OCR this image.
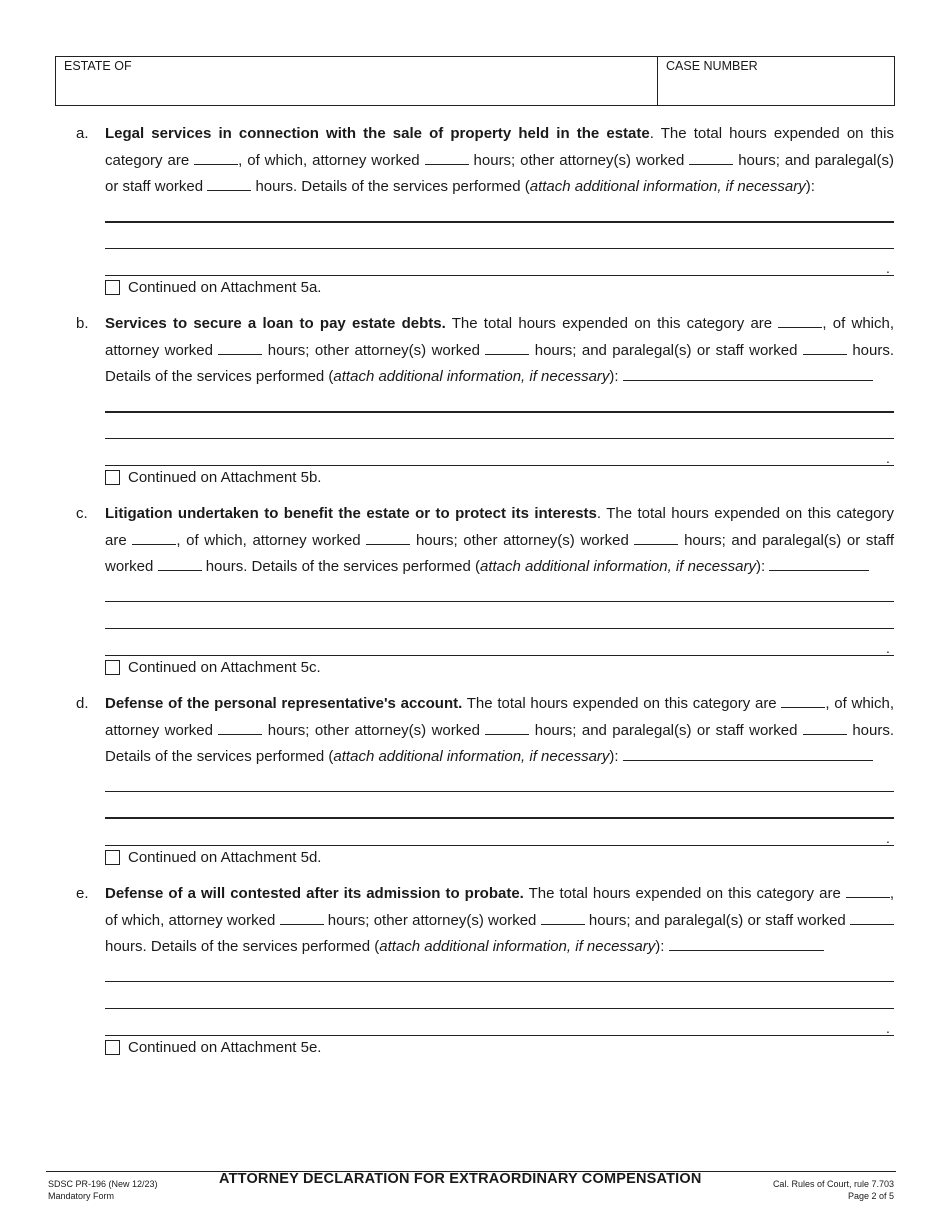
ESTATE OF	CASE NUMBER
a. Legal services in connection with the sale of property held in the estate. The total hours expended on this category are	, of which, attorney worked	hours; other attorney(s) worked	hours; and paralegal(s) or staff worked	hours. Details of the services performed (attach additional information, if necessary):
.
Continued on Attachment 5a.
b. Services to secure a loan to pay estate debts. The total hours expended on this category are	, of which, attorney worked	hours; other attorney(s) worked	hours; and paralegal(s) or staff worked	hours. Details of the services performed (attach additional information, if necessary):
.
Continued on Attachment 5b.
c. Litigation undertaken to benefit the estate or to protect its interests. The total hours expended on this category are	, of which, attorney worked	hours; other attorney(s) worked	hours; and paralegal(s) or staff worked	hours. Details of the services performed (attach additional information, if necessary):
.
Continued on Attachment 5c.
d. Defense of the personal representative's account. The total hours expended on this category are	, of which, attorney worked	hours; other attorney(s) worked	hours; and paralegal(s) or staff worked	hours. Details of the services performed (attach additional information, if necessary):
.
Continued on Attachment 5d.
e. Defense of a will contested after its admission to probate. The total hours expended on this category are	, of which, attorney worked	hours; other attorney(s) worked	hours; and paralegal(s) or staff worked  hours. Details of the services performed (attach additional information, if necessary):
.
Continued on Attachment 5e.
SDSC PR-196 (New 12/23)
Mandatory Form
ATTORNEY DECLARATION FOR EXTRAORDINARY COMPENSATION	Cal. Rules of Court, rule 7.703
Page 2 of 5
